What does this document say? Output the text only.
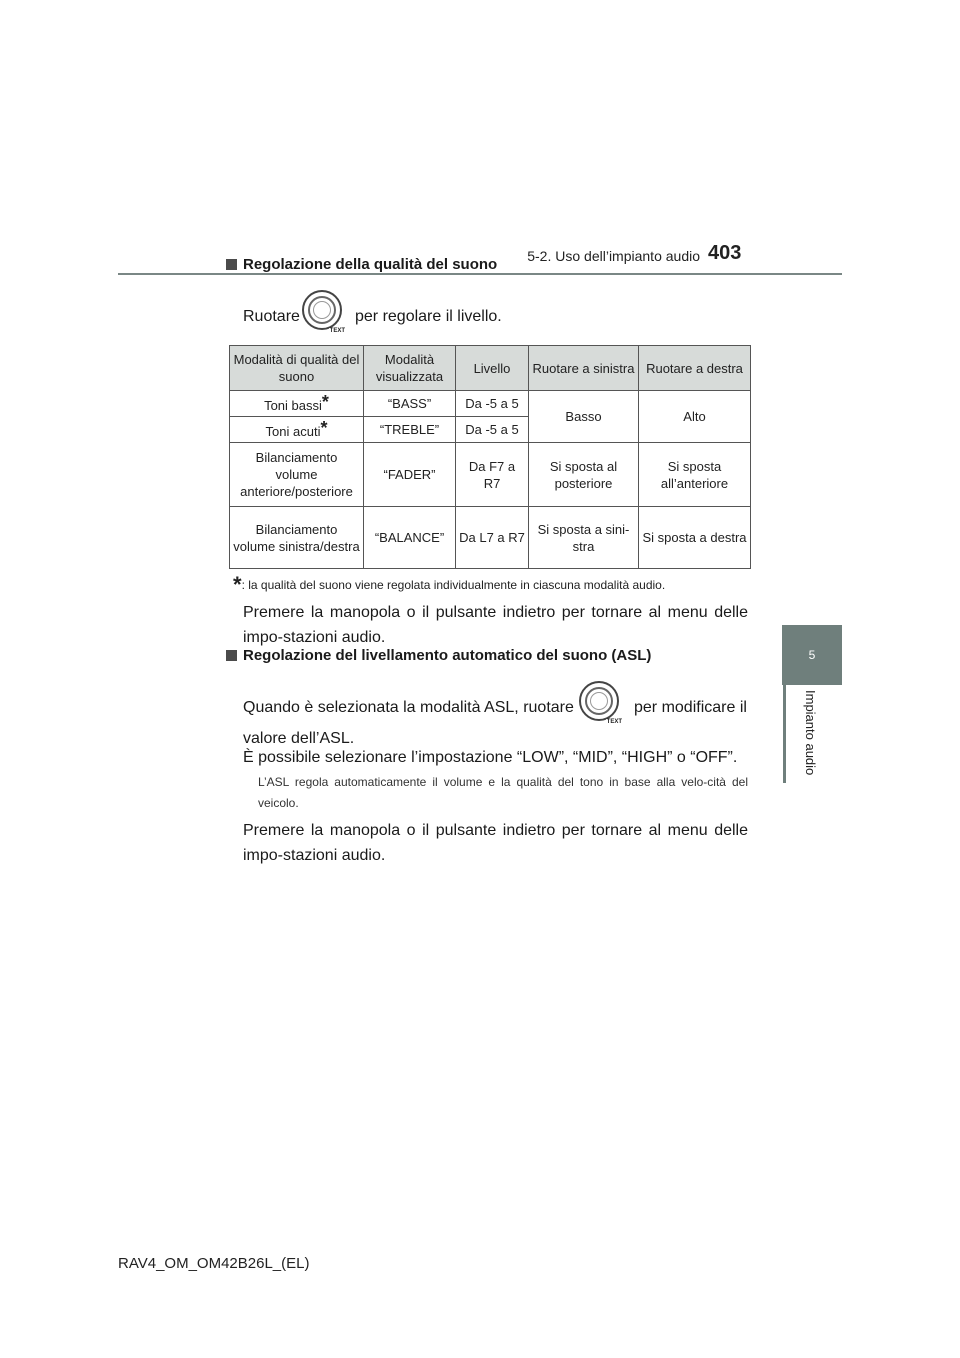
5-2. Uso dell’impianto audio 403
5
Impianto audio
Regolazione della qualità del suono
Ruotare
TEXT
per regolare il livello.
Modalità di qualità del suono	Modalità visualizzata	Livello	Ruotare a sinistra	Ruotare a destra
Toni bassi*	“BASS”	Da -5 a 5	Basso	Alto
Toni acuti*	“TREBLE”	Da -5 a 5		
Bilanciamento volume anteriore/posteriore	“FADER”	Da F7 a R7	Si sposta al posteriore	Si sposta all’anteriore
Bilanciamento volume sinistra/destra	“BALANCE”	Da L7 a R7	Si sposta a sini-stra	Si sposta a destra
*: la qualità del suono viene regolata individualmente in ciascuna modalità audio.
Premere la manopola o il pulsante indietro per tornare al menu delle impo-stazioni audio.
Regolazione del livellamento automatico del suono (ASL)
Quando è selezionata la modalità ASL, ruotare
TEXT
per modificare il
valore dell’ASL.
È possibile selezionare l’impostazione “LOW”, “MID”, “HIGH” o “OFF”.
L’ASL regola automaticamente il volume e la qualità del tono in base alla velo-cità del veicolo.
Premere la manopola o il pulsante indietro per tornare al menu delle impo-stazioni audio.
RAV4_OM_OM42B26L_(EL)
